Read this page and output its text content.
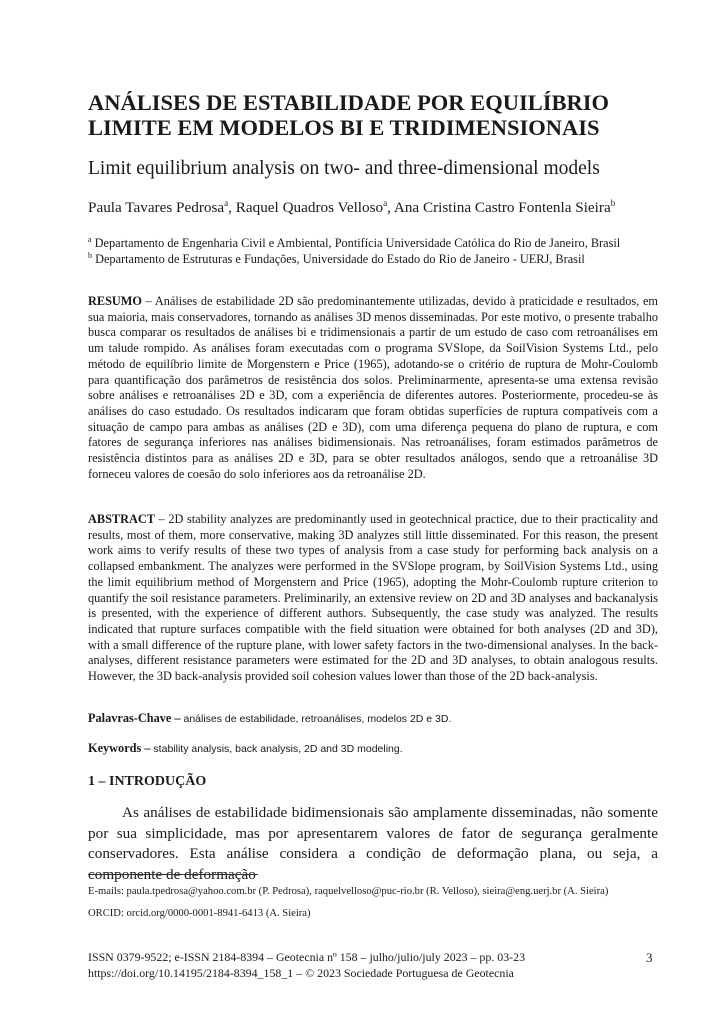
ANÁLISES DE ESTABILIDADE POR EQUILÍBRIO
LIMITE EM MODELOS BI E TRIDIMENSIONAIS
Limit equilibrium analysis on two- and three-dimensional models
Paula Tavares Pedrosa$^a$, Raquel Quadros Velloso$^a$, Ana Cristina Castro Fontenla Sieira$^b$
$^a$ Departamento de Engenharia Civil e Ambiental, Pontifícia Universidade Católica do Rio de Janeiro, Brasil
$^b$ Departamento de Estruturas e Fundações, Universidade do Estado do Rio de Janeiro - UERJ, Brasil

RESUMO – Análises de estabilidade 2D são predominantemente utilizadas, devido à praticidade e resultados, em sua maioria, mais conservadores, tornando as análises 3D menos disseminadas. Por este motivo, o presente trabalho busca comparar os resultados de análises bi e tridimensionais a partir de um estudo de caso com retroanálises em um talude rompido. As análises foram executadas com o programa SVSlope, da SoilVision Systems Ltd., pelo método de equilíbrio limite de Morgenstern e Price (1965), adotando-se o critério de ruptura de Mohr-Coulomb para quantificação dos parâmetros de resistência dos solos. Preliminarmente, apresenta-se uma extensa revisão sobre análises e retroanálises 2D e 3D, com a experiência de diferentes autores. Posteriormente, procedeu-se às análises do caso estudado. Os resultados indicaram que foram obtidas superfícies de ruptura compatíveis com a situação de campo para ambas as análises (2D e 3D), com uma diferença pequena do plano de ruptura, e com fatores de segurança inferiores nas análises bidimensionais. Nas retroanálises, foram estimados parâmetros de resistência distintos para as análises 2D e 3D, para se obter resultados análogos, sendo que a retroanálise 3D forneceu valores de coesão do solo inferiores aos da retroanálise 2D.

ABSTRACT – 2D stability analyzes are predominantly used in geotechnical practice, due to their practicality and results, most of them, more conservative, making 3D analyzes still little disseminated. For this reason, the present work aims to verify results of these two types of analysis from a case study for performing back analysis on a collapsed embankment. The analyzes were performed in the SVSlope program, by SoilVision Systems Ltd., using the limit equilibrium method of Morgenstern and Price (1965), adopting the Mohr-Coulomb rupture criterion to quantify the soil resistance parameters. Preliminarily, an extensive review on 2D and 3D analyses and backanalysis is presented, with the experience of different authors. Subsequently, the case study was analyzed. The results indicated that rupture surfaces compatible with the field situation were obtained for both analyses (2D and 3D), with a small difference of the rupture plane, with lower safety factors in the two-dimensional analyses. In the back-analyses, different resistance parameters were estimated for the 2D and 3D analyses, to obtain analogous results. However, the 3D back-analysis provided soil cohesion values lower than those of the 2D back-analysis.

Palavras-Chave – análises de estabilidade, retroanálises, modelos 2D e 3D.
Keywords – stability analysis, back analysis, 2D and 3D modeling.
1 – INTRODUÇÃO

As análises de estabilidade bidimensionais são amplamente disseminadas, não somente por sua simplicidade, mas por apresentarem valores de fator de segurança geralmente conservadores. Esta análise considera a condição de deformação plana, ou seja, a componente de deformação

E-mails: paula.tpedrosa@yahoo.com.br (P. Pedrosa), raquelvelloso@puc-rio.br (R. Velloso), sieira@eng.uerj.br (A. Sieira)
ORCID: orcid.org/0000-0001-8941-6413 (A. Sieira)
ISSN 0379-9522; e-ISSN 2184-8394 – Geotecnia nº 158 – julho/julio/july 2023 – pp. 03-23
https://doi.org/10.14195/2184-8394_158_1 – © 2023 Sociedade Portuguesa de Geotecnia
3
